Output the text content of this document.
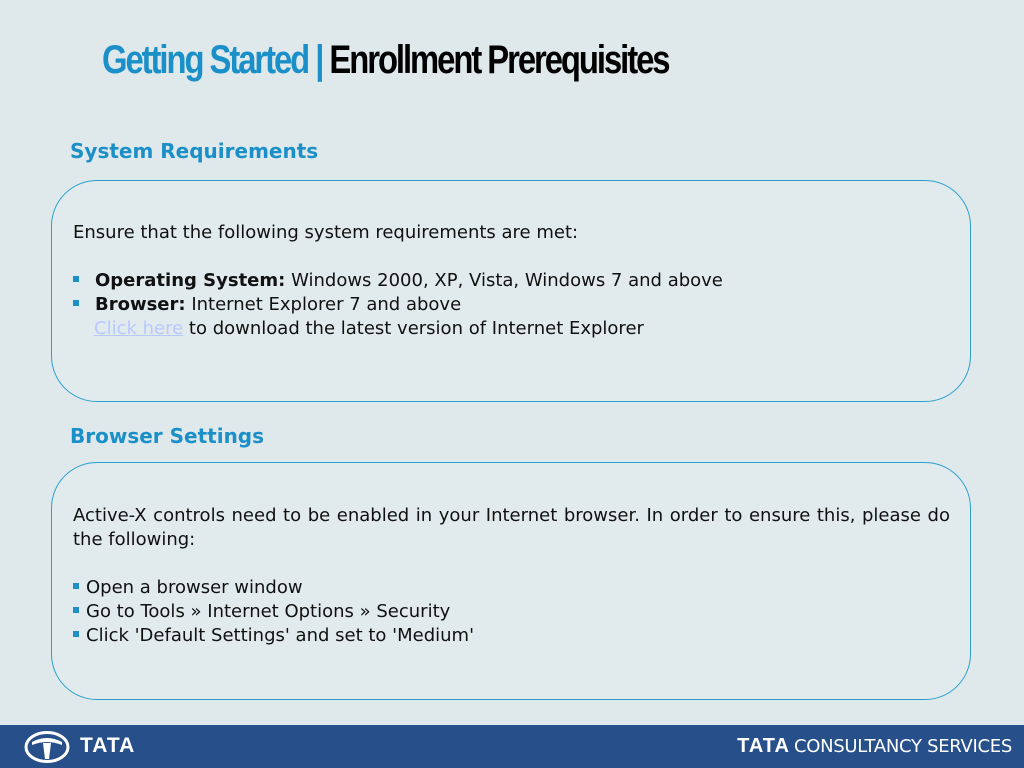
Getting Started | Enrollment Prerequisites
System Requirements
Ensure that the following system requirements are met:
Operating System: Windows 2000, XP, Vista, Windows 7 and above
Browser: Internet Explorer 7 and above
Click here to download the latest version of Internet Explorer
Browser Settings
Active-X controls need to be enabled in your Internet browser. In order to ensure this, please do the following:
Open a browser window
Go to Tools » Internet Options » Security
Click 'Default Settings' and set to 'Medium'
TATA	TATA CONSULTANCY SERVICES
